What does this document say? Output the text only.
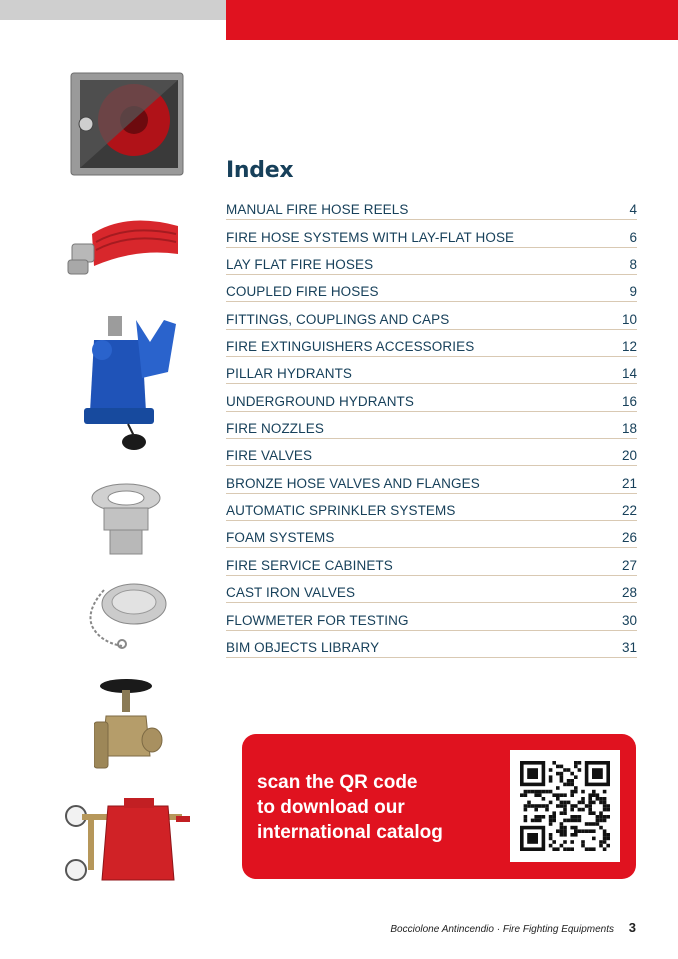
Index
MANUAL FIRE HOSE REELS	4
FIRE HOSE SYSTEMS WITH LAY-FLAT HOSE	6
LAY FLAT FIRE HOSES	8
COUPLED FIRE HOSES	9
FITTINGS, COUPLINGS AND CAPS	10
FIRE EXTINGUISHERS ACCESSORIES	12
PILLAR HYDRANTS	14
UNDERGROUND HYDRANTS	16
FIRE NOZZLES	18
FIRE VALVES	20
BRONZE HOSE VALVES AND FLANGES	21
AUTOMATIC SPRINKLER SYSTEMS	22
FOAM SYSTEMS	26
FIRE SERVICE CABINETS	27
CAST IRON VALVES	28
FLOWMETER FOR TESTING	30
BIM OBJECTS LIBRARY	31
scan the QR code
to download our
international catalog
Bocciolone Antincendio · Fire Fighting Equipments 3
